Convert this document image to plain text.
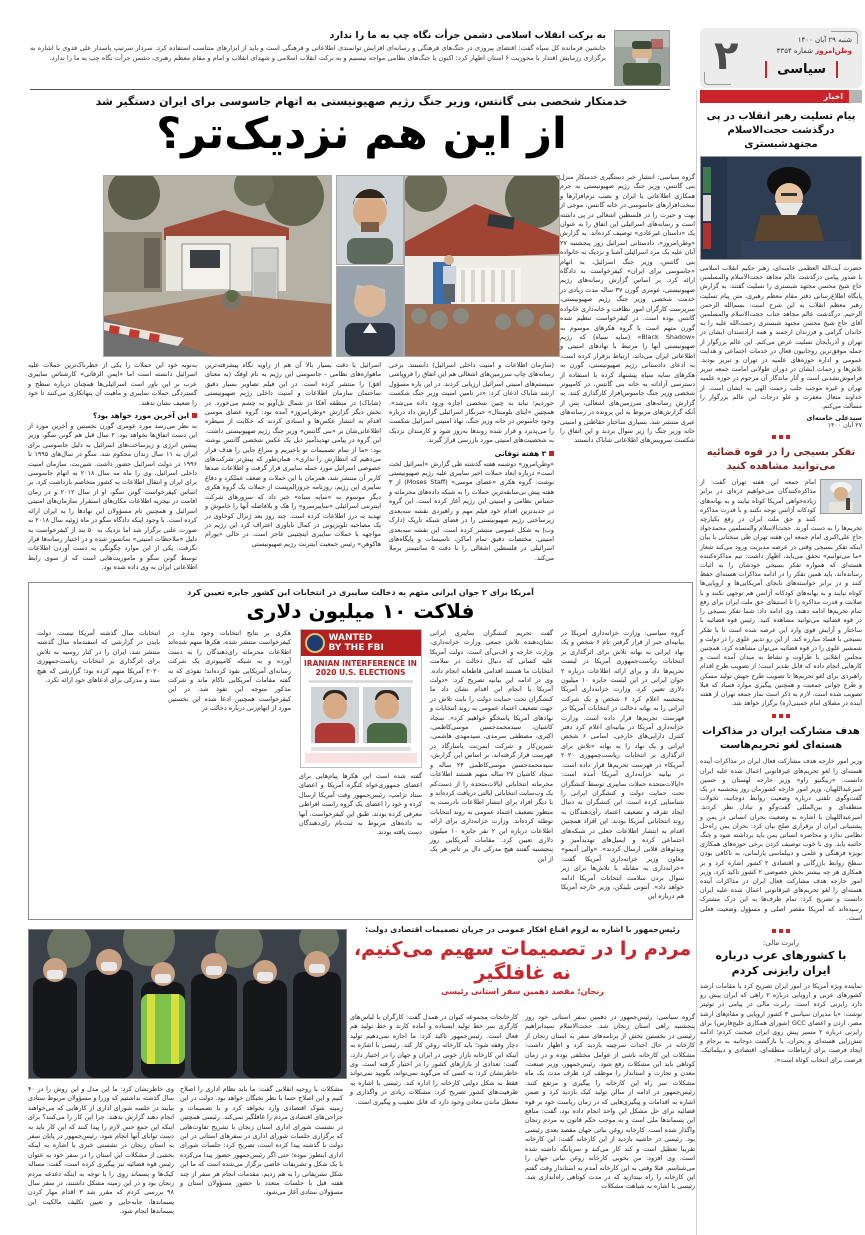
۲	شنبه ۲۹ آبان ۱۴۰۰
وطن‌امروز شماره ۳۳۵۴
سیاسی
به برکت انقلاب اسلامی دشمن جرأت نگاه چپ به ما را ندارد
جانشین فرمانده کل سپاه گفت: اقتضای پیروزی در جنگ‌های فرهنگی و رسانه‌ای افزایش توانمندی اطلاعاتی و فرهنگی است و باید از ابزارهای متناسب استفاده کرد. سردار سرتیپ پاسدار علی فدوی با اشاره به برگزاری رزمایش اقتدار با محوریت ۶ استان اظهار کرد: اکنون با جنگ‌های نظامی مواجه نیستیم و به برکت انقلاب اسلامی و شهدای انقلاب و امام و مقام معظم رهبری، دشمن جرأت نگاه چپ به ما را ندارد.
خدمتکار شخصی بنی گانتس، وزیر جنگ رژیم صهیونیستی به اتهام جاسوسی برای ایران دستگیر شد
از این هم نزدیک‌تر؟
گروه سیاسی: انتشار خبر دستگیری خدمتکار منزل بنی گانتس، وزیر جنگ رژیم صهیونیستی به جرم همکاری اطلاعاتی با ایران و نصب نرم‌افزارها و سخت‌افزارهای جاسوسی در خانه گانتس، موجی از بهت و حیرت را در فلسطین اشغالی در پی داشته است و رسانه‌های اسرائیلی این اتفاق را به عنوان یک «داستان غیرعادی» توصیف کرده‌اند. به گزارش «وطن‌امروز»، دادستانی اسرائیل روز پنجشنبه ۲۷ آبان علیه یک مرد اسرائیلی آشنا و نزدیک به خانواده بنی گانتس، وزیر جنگ اسرائیل، به اتهام «جاسوسی برای ایران» کیفرخواست به دادگاه ارائه کرد. بر اساس گزارش رسانه‌های رژیم صهیونیستی، عومری گورن ۳۷ ساله مدت زیادی در خدمت شخصی وزیر جنگ رژیم صهیونیستی، سرپرست کارگران امور نظافت و خانه‌داری خانواده گانتس بوده است. در کیفرخواست تنظیم شده گورن متهم است با گروه هکرهای موسوم به «Black Shadow» (سایه سیاه) که رژیم صهیونیستی آنها را مرتبط با نهادهای امنیتی و اطلاعاتی ایران می‌داند، ارتباط برقرار کرده است. به ادعای دادستانی رژیم صهیونیستی، گورن به هکرهای سایه سیاه پیشنهاد کرده با استفاده از دسترسی آزادانه به خانه بنی گانتس، در کامپیوتر شخصی وزیر جنگ جاسوس‌افزار کارگذاری کنند. به گزارش رسانه‌های سرزمین‌های اشغالی، پس از آنکه گزارش‌های مربوط به این پرونده در رسانه‌های عبری منتشر شد، بسیاری ساختار حفاظتی و امنیتی خانه وزیر جنگ را زیر سوال بردند و این اتفاق را شکست سرویس‌های اطلاعاتی شاباک دانستند
(سازمان اطلاعات و امنیت داخلی اسرائیل) دانستند. برخی رسانه‌های چاپ سرزمین‌های اشغالی هم این اتفاق را فروپاشی سیستم‌های امنیتی اسرائیل ارزیابی کردند. در این باره مسؤول ارشد شاباک اذعان کرد: «در تامین امنیت وزیر جنگ شکست خوردیم؛ نباید به چنین شخصی اجازه ورود داده می‌شد». همچنین «ایتای بلومنتال» خبرنگار اسرائیلی گزارش داد درباره وجود جاسوس در خانه وزیر جنگ، نهاد امنیتی اسرائیل شکست را می‌پذیرد و قرار شده روندها به‌روز شود و کارمندان نزدیک به شخصیت‌های امنیتی مورد بازرسی قرار گیرند.
۳ هفته توفانی
«وطن‌امروز» دوشنبه هفته گذشته طی گزارش «اسرائیل لخت است» درباره ابعاد حملات اخیر سایبری علیه رژیم صهیونیستی نوشت: گروه هکری «عصای موسی» (Moses Staff) از ۳ هفته پیش بی‌سابقه‌ترین حملات را به شبکه داده‌های محرمانه و حساس نظامی و امنیتی این رژیم آغاز کرده است. این گروه در جدیدترین اقدام خود فیلم مهم و راهبردی نقشه سه‌بعدی زیرساختی رژیم صهیونیستی را در فضای شبکه تاریک (دارک وب) به شکل عمومی منتشر کرده است. این نقشه سه‌بعدی امنیتی، مختصات دقیق تمام اماکن، تاسیسات و پایگاه‌های اسرائیلی در فلسطین اشغالی را با دقت ۵ سانتیمتر برملا می‌کند.
اسرائیل با دقت بسیار بالا آن هم از زاویه نگاه پیشرفته‌ترین ماهواره‌های نظامی - جاسوسی این رژیم به نام اوفک (به معنای افق) را منتشر کرده است. در این فیلم تصاویر بسیار دقیق ساختمان سازمان اطلاعات و امنیت داخلی رژیم صهیونیستی (شاباک) در منطقه آفکا در شمال تل‌آویو به چشم می‌خورد. در بخش دیگر گزارش «وطن‌امروز» آمده بود: گروه عصای موسی اقدام به انتشار عکس‌ها و اسنادی کردند که حکایت از سیطره اطلاعاتی‌شان بر «بنی گانتس» وزیر جنگ رژیم صهیونیستی داشت. این گروه در پیامی تهدیدآمیز ذیل یک عکس شخصی گانتس نوشته بود: «ما از تمام تصمیمات تو باخبریم و سراغ جایی را هدف قرار می‌دهیم که انتظارش را نداری». همان‌طور که پیش‌تر شرکت‌های خصوصی اسرائیل مورد حمله سایبری قرار گرفت و اطلاعات صدها کاربر آن منتشر شد، همزمان با این حملات و ضعف عملکرد و دفاع سایبری این رژیم، روزنامه جروزالم‌پست از حملات یک گروه هکری دیگر موسوم به «سایه سیاه» خبر داد که سرورهای شرکت اینترنتی اسرائیلی «سایبرسرو» را هک و بلافاصله آنها را خاموش و تهدید به درز اطلاعات کرده است. چند روز بعد ژنرال کوخاوی در یک مصاحبه تلویزیونی در کمال ناباوری اعتراف کرد این رژیم در مواجهه با حملات سایبری اینچنینی عاجز است. در حالی «یورام هاکوهن» رئیس جمعیت اینترنت رژیم صهیونیستی
به‌نوبه خود این حملات را یکی از خطرناک‌ترین حملات علیه اسرائیل دانسته است اما «ایمن الرفاتی» کارشناس سایبری عرب بر این باور است اسرائیلی‌ها همچنان درباره سطح و گستردگی حملات سایبری و ماهیت آن پنهانکاری می‌کنند تا خود را ضعیف نشان ندهند.
این آخرین مورد خواهد بود؟
به نظر می‌رسد مورد عومری گورن نخستین و آخرین مورد از این دست اتفاق‌ها نخواهد بود. ۲ سال قبل هم گونن سگو، وزیر پیشین انرژی و زیرساخت‌های اسرائیل به دلیل جاسوسی برای ایران به ۱۱ سال زندان محکوم شد. سگو در سال‌های ۱۹۹۵ تا ۱۹۹۶ در دولت اسرائیل حضور داشت. شین‌بت، سازمان امنیت داخلی اسرائیل، وی را ماه مه سال ۲۰۱۸ به اتهام جاسوسی برای ایران و انتقال اطلاعات به کشور متخاصم بازداشت کرد. بر اساس کیفرخواست گونن سگو، او از سال ۲۰۱۲ و در زمان اقامت در نیجریه اطلاعات مکان‌های استقرار سازمان‌های امنیتی اسرائیل و همچنین نام مسؤولان این نهادها را به ایران ارائه کرده است. با وجود اینکه دادگاه سگو در ماه ژوئیه سال ۲۰۱۸ به صورت علنی برگزار شد اما نزدیک به ۵۰ بند از کیفرخواست به دلیل «ملاحظات امنیتی» سانسور شده و در اختیار رسانه‌ها قرار نگرفت. یکی از این موارد چگونگی به دست آوردن اطلاعات توسط گونن سگو و ماموریت‌هایی است که از سوی رابط اطلاعاتی ایران به وی داده شده بود.
آمریکا برای ۲ جوان ایرانی متهم به دخالت سایبری در انتخابات این کشور جایزه تعیین کرد
فلاکت ۱۰ میلیون دلاری
گروه سیاسی: وزارت خزانه‌داری آمریکا در بیانیه‌ای خبر از قرار گرفتن نام ۶ شخص و یک نهاد ایرانی به بهانه تلاش برای اثرگذاری بر انتخابات ریاست‌جمهوری آمریکا در لیست تحریم‌ها داد و برای ارائه اطلاعات درباره ۲ جوان ایرانی در این لیست جایزه ۱۰ میلیون دلاری تعیین کرد. وزارت خزانه‌داری آمریکا پنجشنبه اعلام کرد ۶ شخص و یک شرکت ایرانی را به بهانه دخالت در انتخابات آمریکا در فهرست تحریم‌ها قرار داده است. وزارت خزانه‌داری آمریکا در بیانیه‌ای اعلام کرد دفتر کنترل دارایی‌های خارجی، اسامی ۶ شخص ایرانی و یک نهاد را به بهانه «تلاش برای اثرگذاری بر انتخابات ریاست‌جمهوری ۲۰۲۰ آمریکا» در فهرست تحریم‌ها قرار داده است. در بیانیه خزانه‌داری آمریکا آمده است: «ایالات‌متحده حملات سایبری توسط کنشگران تحت حمایت دولت و کنشگران ایرانی را شناسایی کرده است. این کنشگران به دنبال ایجاد تفرقه و تضعیف اعتماد رأی‌دهندگان به روند انتخاباتی آمریکا بودند. این افراد همچنین اقدام به انتشار اطلاعات جعلی در شبکه‌های اجتماعی کرده و ایمیل‌های تهدیدآمیز و ویدئوهای قلابی ارسال کردند». «والی آدیمو» معاون وزیر خزانه‌داری آمریکا گفت: «خزانه‌داری به مقابله با تلاش‌ها برای زیر سوال بردن سلامت انتخابات آمریکا ادامه خواهد داد». آنتونی بلینکن، وزیر خارجه آمریکا هم درباره این
گفت تحریم کنشگران سایبری ایرانی نشان‌دهنده تلاش جمعی وزارت خزانه‌داری، وزارت خارجه و اف‌بی‌آی است. دولت آمریکا علیه کسانی که دنبال دخالت در سلامت انتخابات ما هستند اقدامی قاطعانه انجام داده. وی در ادامه این بیانیه تصریح کرد: «دولت آمریکا با انجام این اقدام نشان داد ما کنشگران تحت حمایت دولت را بابت تلاش در جهت تضعیف اعتماد عمومی به روند انتخابات و نهادهای آمریکا پاسخگو خواهیم کرد». سجاد کاشیان، سیدمحمدحسین موسی‌کاظمی، اکبری، مصطفی سرمدی، سیدمهدی هاشمی، شیرین‌کار و شرکت ایمن‌نت پاسارگاد در فهرست قرار گرفته‌اند. بر اساس این گزارش، سیدمحمدحسین موسی‌کاظمی ۲۴ ساله و سجاد کاشیان ۲۷ ساله متهم هستند اطلاعات محرمانه انتخاباتی ایالات‌متحده را از دست‌کم یک وب‌سایت انتخاباتی ایالتی دریافت کرده‌اند و با دیگر افراد برای انتشار اطلاعات نادرست به منظور تضعیف اعتماد عمومی به روند انتخابات توطئه کرده‌اند. وزارت خزانه‌داری برای ارائه اطلاعات درباره این ۲ نفر جایزه ۱۰ میلیون دلاری تعیین کرد. مقامات آمریکایی روز پنجشنبه گفتند هیچ مدرکی دال بر تاثیر هر یک از این
WANTED
BY THE FBI
IRANIAN INTERFERENCE IN 2020 U.S. ELECTIONS
گفته شده است این هکرها پیام‌هایی برای اعضای جمهوری‌خواه کنگره آمریکا و اعضای ستاد ترامپ، رئیس‌جمهور وقت آمریکا ارسال کرده و خود را اعضای یک گروه راست افراطی معرفی کرده بودند. طبق این کیفرخواست، آنها به داده‌های مربوط به ثبت‌نام رای‌دهندگان دست یافته بودند.
هکری بر نتایج انتخابات وجود ندارد. در کیفرخواست منتشر شده، هکرها متهم شده‌اند اطلاعات محرمانه رای‌دهندگان را به دست آورده و به شبکه کامپیوتری یک شرکت رسانه‌ای آمریکایی نفوذ کرده‌اند؛ نفوذی که به گفته مقامات آمریکایی ناکام ماند و شرکت مذکور متوجه این نفوذ شد. در این کیفرخواست همچنین ادعا شده این نخستین مورد از اتهام‌زنی درباره دخالت در
انتخابات سال گذشته آمریکا نیست. دولت بایدن در گزارشی که اسفندماه سال گذشته منتشر شد، ایران را در کنار روسیه به تلاش برای اثرگذاری بر انتخابات ریاست‌جمهوری ۲۰۲۰ آمریکا متهم کرده بود؛ گزارشی که هیچ سند و مدرکی برای ادعاهای خود ارائه نکرد.
رئیس‌جمهور با اشاره به لزوم اقناع افکار عمومی در جریان تصمیمات اقتصادی دولت:
مردم را در تصمیمات سهیم می‌کنیم، نه غافلگیر
زنجان؛ مقصد دهمین سفر استانی رئیسی
گروه سیاسی: رئیس‌جمهور در دهمین سفر استانی خود روز پنجشنبه راهی استان زنجان شد. حجت‌الاسلام سیدابراهیم رئیسی در نخستین بخش از برنامه‌های سفر به استان زنجان از کارخانه در حال احداث سرچینه بازدید کرد و اظهار داشت: مشکلات این کارخانه ناشی از عوامل مختلفی بوده و در زمان کوتاهی باید این مشکلات رفع شود. رئیس‌جمهور، وزیر صنعت، معدن و تجارت و استاندار را موظف کرد ظرف مدت یک ماه مشکلات سر راه این کارخانه را پیگیری و مرتفع کنند. رئیس‌جمهور در ادامه از سالن تولید کیک بازدید کرد و ضمن اشاره به اقدامات و پیگیری‌هایی که در زمان ریاست خود بر قوه قضائیه برای حل مشکل این واحد انجام داده بود، گفت: منافع این پسماندها ملی است و به موجب حکم قانون به مردم زنجان واگذار شده است. کارخانه روغن نباتی جهان مقصد بعدی رئیسی بود. رئیسی در حاشیه بازدید از این کارخانه گفت: این کارخانه تقریبا تعطیل است و کند کار می‌کند و سرپانگه داشته شده است. وی افزود: من بخوبی کارخانه روغن نباتی جهان را می‌شناسم. قبلا وقتی به این کارخانه آمدم به استاندار وقت گفتم این کارخانه را راه بیندازید که در مدت کوتاهی راه‌اندازی شد. رئیسی با اشاره به شباهت مشکلات
کارخانجات مجموعه کیوان در همدل گفت: کارگران با لباس‌های کارگری سر خط تولید ایستاده و آماده کارند و خط تولید هم فعال است. رئیس‌جمهور تاکید کرد: ما اجازه نمی‌دهیم تولید دچار وقفه شود؛ باید کارخانه روغن کار کند. رئیسی با اشاره به اینکه این کارخانه بازار خوبی در ایران و جهان را در اختیار دارد، گفت: تعدادی از بازارهای کشور را در اختیار گرفته است. وی خاطرنشان کرد: به کسی که می‌گوید نمی‌تواند، بگویید نمی‌تواند فقط به شکل دولتی کارخانه را اداره کند. رئیسی با اشاره به ظرفیت‌های کشور تصریح کرد: مشکلات زیادی در واگذاری و معطل ماندن معادن وجود دارد که قابل تعقیب و پیگیری است.
مشکلات با روحیه انقلابی گفت: ما باید نظام اداری را اصلاح کنیم و این اصلاح حتما با نظر نخبگان خواهد بود. دولت در این زمینه شوک اقتصادی وارد نخواهد کرد و با تصمیمات و جراحی‌های اقتصادی مردم را غافلگیر نمی‌کند. رئیسی همچنین در نشست شورای اداری استان زنجان با تشریح تفاوت‌هایی که برگزاری جلسات شورای اداری در سفرهای استانی در این دولت با گذشته پیدا کرده است، تصریح کرد: جلسات شورای اداری اینطور نبوده؛ حتی اگر رئیس‌جمهور حضور پیدا می‌کرده با یک شکل و تشریفات خاصی برگزار می‌شده است که ما این شکل تشریفاتی را به هم زدیم. مقدمات انجام هر سفر از چند هفته قبل با جلسات متعدد با حضور مسؤولان استان و مسؤولان ستادی آغاز می‌شود.
وی خاطرنشان کرد: ما این مدل و این روش را در ۴۰ سال گذشته نداشتیم که وزرا و مسؤولان مربوط ستادی بیایند در جلسه شورای اداری از کارهایی که می‌خواهند انجام دهند گزارش بدهند. چرا این کار را می‌کنند؟ برای اینکه این جمع حس لازم را پیدا کنند که این کار باید به دست توانای آنها انجام شود. رئیس‌جمهور در پایان سفر به استان زنجان در نشستی خبری با اشاره به اینکه بخشی از مشکلات این استان را در سفر خود به عنوان رئیس قوه قضائیه نیز پیگیری کرده است، گفت: مساله کیک‌ها و پسماند روی را با توجه به اینکه دغدغه مردم زنجان بود و در این زمینه مشکل داشتند، در سفر سال ۹۸ بررسی کردم که مقرر شد ۳ اقدام مهار کردن پسماندها، جابه‌جایی و تعیین تکلیف مالکیت این پسماندها انجام شود.
اخبار
پیام تسلیت رهبر انقلاب در پی درگذشت حجت‌الاسلام مجتهدشبستری
حضرت آیت‌الله العظمی خامنه‌ای، رهبر حکیم انقلاب اسلامی با صدور پیامی درگذشت عالم مجاهد حجت‌الاسلام والمسلمین حاج شیخ محسن مجتهد شبستری را تسلیت گفتند. به گزارش پایگاه اطلاع‌رسانی دفتر مقام معظم رهبری، متن پیام تسلیت رهبر معظم انقلاب به این شرح است: بسم‌الله الرحمن الرحیم. درگذشت عالم مجاهد جناب حجت‌الاسلام والمسلمین آقای حاج شیخ محسن مجتهد شبستری رحمت‌الله علیه را به خاندان گرامی و فرزندان ارجمند و همه ارادتمندان ایشان در تهران و آذربایجان تسلیت عرض می‌کنم. این عالم بزرگوار از جمله موفق‌ترین روحانیون فعال در خدمات اجتماعی و هدایت عمومی و اداره حوزه‌های علمیه در تهران و تبریز بودند. تلاش‌ها و زحمات ایشان در دوران طولانی امامت جمعه تبریز فراموش‌نشدنی است و آثار ماندگار آن مرحوم در حوزه علمیه تهران و غیره موجب جلب رحمت الهی به ایشان است. از خداوند متعال مغفرت و علو درجات این عالم بزرگوار را مسألت می‌کنم.
سیدعلی خامنه‌ای
۲۷ آبان ۱۴۰۰
تفکر بسیجی را در قوه قضائیه می‌توانید مشاهده کنید
امام جمعه این هفته تهران گفت: از مذاکره‌کنندگان می‌خواهیم ذره‌ای در برابر زیاده‌خواهی آمریکا کوتاه نیایند و به بهانه‌های کودکانه آژانس توجه نکنند و با قدرت مذاکره کنند و حق ملت ایران در رفع یکپارچه تحریم‌ها را به دست آورند. حجت‌الاسلام والمسلمین محمدجواد حاج علی‌اکبری امام جمعه این هفته تهران طی سخنانی با بیان اینکه تفکر بسیجی وقتی در عرصه مدیریت ورود می‌کند شعار «ما می‌توانیم» تحقق می‌یابد، اظهار داشت: تیم مذاکره‌کننده هسته‌ای که همواره تفکر بسیجی خودشان را به اثبات رسانده‌اند، باید همین تفکر را در ادامه مذاکرات هسته‌ای حفظ کنند و در برابر خواسته‌های نابجای آمریکایی‌ها و اروپایی‌ها کوتاه نیایند و به بهانه‌های کودکانه آژانس هم توجهی نکنند و با صلابت و قدرت مذاکره را تا استیفای حق ملت ایران برای رفع تمام تحریم‌ها ادامه دهند. وی ادامه داد: شما تفکر بسیجی را در قوه قضائیه می‌توانید مشاهده کنید. رئیس قوه قضائیه با ساختار و آرایش قوی وارد این عرصه شده است تا با تفکر بسیجی با فساد مبارزه کند. از این رو تدبیر علوی را در دولت و شمشیر علوی را در قوه قضائیه می‌توان مشاهده کرد. همچنین مجلس انقلابی با طراوت و نشاط به میدان آمده است و کارهایی انجام داده که قابل تقدیر است؛ از تصویب طرح اقدام راهبردی برای لغو تحریم‌ها تا تصویب طرح جهش تولید مسکن و طرح جوانی جمعیت و همچنین پیگیری موارد فساد که قبلا تصویب شده است. لازم به ذکر است نماز جمعه تهران از هفته آینده در مصلای امام خمینی(ره) برگزار خواهد شد.
هدف مشارکت ایران در مذاکرات هسته‌ای لغو تحریم‌هاست
وزیر امور خارجه هدف مشارکت فعال ایران در مذاکرات آینده هسته‌ای را لغو تحریم‌های غیرقانونی اعمال شده علیه ایران دانست. «زبیگنیو راو» وزیر خارجه لهستان و حسین امیرعبداللهیان، وزیر امور خارجه کشورمان روز پنجشنبه در یک گفت‌وگوی تلفنی درباره وضعیت روابط دوجانبه، تحولات منطقه‌ای و بین‌المللی گفت‌وگو و تبادل نظر کردند. امیرعبداللهیان با اشاره به وضعیت بحران انسانی در یمن و پشتیبانی ایران از برقراری صلح بیان کرد: بحران یمن راه‌حل نظامی ندارد و محاصره انسانی یمن باید برداشته شود و جنگ خاتمه یابد. وی با خوب توصیف کردن برخی حوزه‌های همکاری بویژه فرهنگی و علمی و دیپلماسی پارلمانی، به ناکافی بودن سطح روابط بازرگانی و اقتصادی ۲ کشور اشاره کرد و بر همکاری هر چه بیشتر بخش خصوصی ۲ کشور تاکید کرد. وزیر امور خارجه هدف مشارکت فعال ایران در مذاکرات آینده هسته‌ای را لغو تحریم‌های غیرقانونی اعمال شده علیه ایران دانست و تصریح کرد: تمام طرف‌ها به این درک مشترک رسیده‌اند که آمریکا مقصر اصلی و مسؤول وضعیت فعلی است.
رابرت مالی:
با کشورهای عرب درباره ایران رایزنی کردم
نماینده ویژه آمریکا در امور ایران تصریح کرد با مقامات ارشد کشورهای عربی و اروپایی درباره ۲ راهی که ایران پیش رو دارد رایزنی کرده است. رابرت مالی در پیامی در توئیتر نوشت: «با مدیران سیاسی ۳ کشور اروپایی و مقام‌های ارشد مصر، اردن و اعضای GCC (شورای همکاری خلیج‌فارس) برای رایزنی درباره ۲ مسیر پیش روی ایران صحبت کردم؛ ادامه تنش‌زایی هسته‌ای و بحران، یا بازگشت دوجانبه به برجام و ایجاد فرصت برای ارتباطات منطقه‌ای، اقتصادی و دیپلماتیک. فرصت برای انتخاب کوتاه است».
